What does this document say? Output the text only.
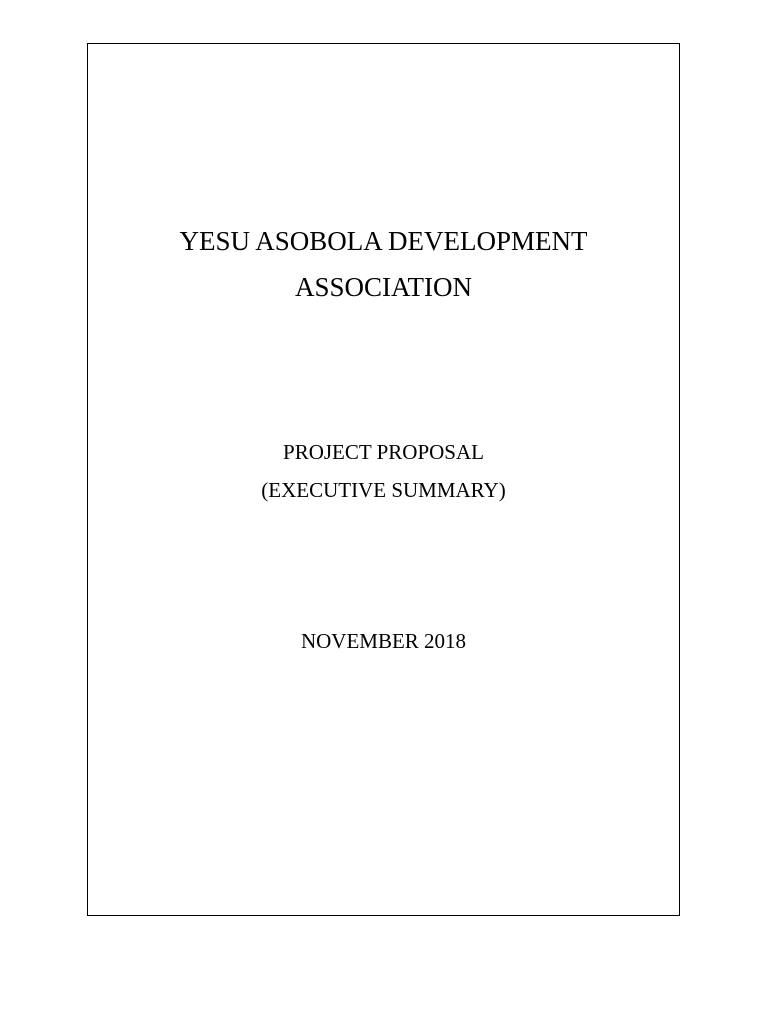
YESU ASOBOLA DEVELOPMENT
ASSOCIATION
PROJECT PROPOSAL
(EXECUTIVE SUMMARY)
NOVEMBER 2018
